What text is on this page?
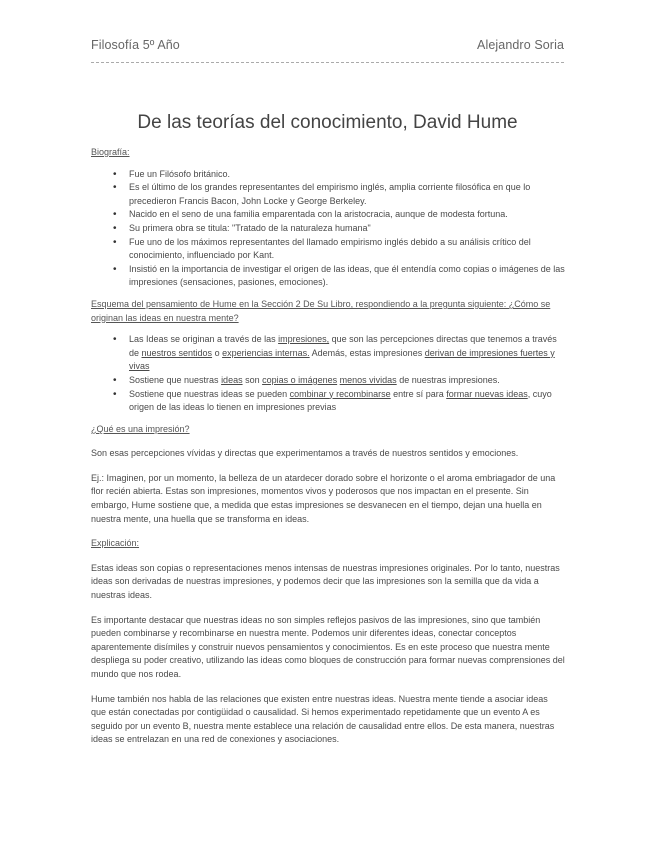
Filosofía 5º Año	Alejandro Soria
De las teorías del conocimiento, David Hume
Biografía:
• Fue un Filósofo británico.
• Es el último de los grandes representantes del empirismo inglés, amplia corriente filosófica en que lo precedieron Francis Bacon, John Locke y George Berkeley.
• Nacido en el seno de una familia emparentada con la aristocracia, aunque de modesta fortuna.
• Su primera obra se titula: "Tratado de la naturaleza humana"
• Fue uno de los máximos representantes del llamado empirismo inglés debido a su análisis crítico del conocimiento, influenciado por Kant.
• Insistió en la importancia de investigar el origen de las ideas, que él entendía como copias o imágenes de las impresiones (sensaciones, pasiones, emociones).
Esquema del pensamiento de Hume en la Sección 2 De Su Libro, respondiendo a la pregunta siguiente: ¿Cómo se originan las ideas en nuestra mente?
• Las Ideas se originan a través de las impresiones, que son las percepciones directas que tenemos a través de nuestros sentidos o experiencias internas. Además, estas impresiones derivan de impresiones fuertes y vivas
• Sostiene que nuestras ideas son copias o imágenes menos vividas de nuestras impresiones.
• Sostiene que nuestras ideas se pueden combinar y recombinarse entre sí para formar nuevas ideas, cuyo origen de las ideas lo tienen en impresiones previas
¿Qué es una impresión?

Son esas percepciones vívidas y directas que experimentamos a través de nuestros sentidos y emociones.

Ej.: Imaginen, por un momento, la belleza de un atardecer dorado sobre el horizonte o el aroma embriagador de una flor recién abierta. Estas son impresiones, momentos vivos y poderosos que nos impactan en el presente. Sin embargo, Hume sostiene que, a medida que estas impresiones se desvanecen en el tiempo, dejan una huella en nuestra mente, una huella que se transforma en ideas.

Explicación:

Estas ideas son copias o representaciones menos intensas de nuestras impresiones originales. Por lo tanto, nuestras ideas son derivadas de nuestras impresiones, y podemos decir que las impresiones son la semilla que da vida a nuestras ideas.

Es importante destacar que nuestras ideas no son simples reflejos pasivos de las impresiones, sino que también pueden combinarse y recombinarse en nuestra mente. Podemos unir diferentes ideas, conectar conceptos aparentemente disímiles y construir nuevos pensamientos y conocimientos. Es en este proceso que nuestra mente despliega su poder creativo, utilizando las ideas como bloques de construcción para formar nuevas comprensiones del mundo que nos rodea.

Hume también nos habla de las relaciones que existen entre nuestras ideas. Nuestra mente tiende a asociar ideas que están conectadas por contigüidad o causalidad. Si hemos experimentado repetidamente que un evento A es seguido por un evento B, nuestra mente establece una relación de causalidad entre ellos. De esta manera, nuestras ideas se entrelazan en una red de conexiones y asociaciones.
